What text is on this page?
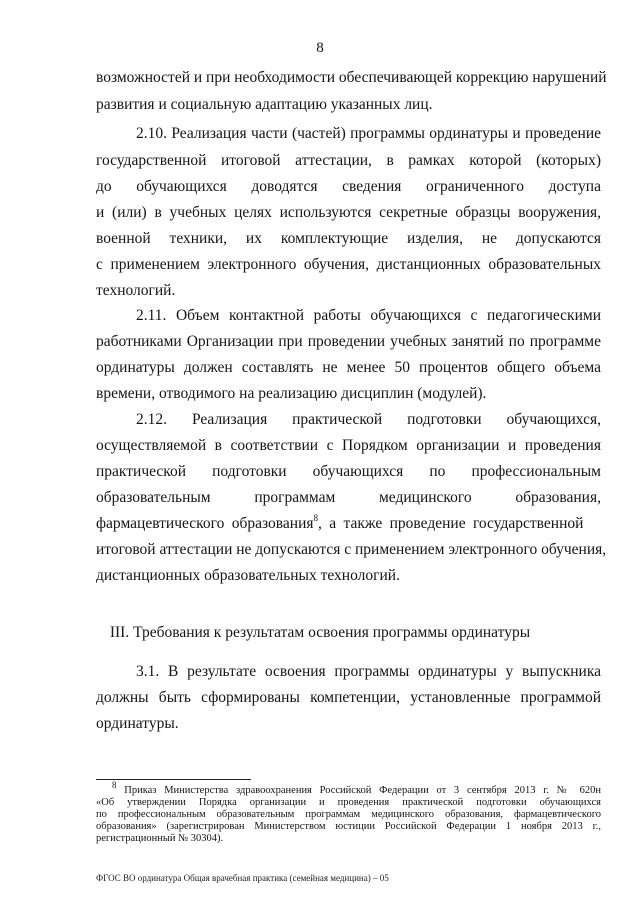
8
возможностей и при необходимости обеспечивающей коррекцию нарушений
развития и социальную адаптацию указанных лиц.
2.10. Реализация части (частей) программы ординатуры и проведение
государственной итоговой аттестации, в рамках которой (которых)
до обучающихся доводятся сведения ограниченного доступа
и (или) в учебных целях используются секретные образцы вооружения,
военной техники, их комплектующие изделия, не допускаются
с применением электронного обучения, дистанционных образовательных
технологий.
2.11. Объем контактной работы обучающихся с педагогическими
работниками Организации при проведении учебных занятий по программе
ординатуры должен составлять не менее 50 процентов общего объема
времени, отводимого на реализацию дисциплин (модулей).
2.12. Реализация практической подготовки обучающихся,
осуществляемой в соответствии с Порядком организации и проведения
практической подготовки обучающихся по профессиональным
образовательным программам медицинского образования,
фармацевтического образования$^8$, а также проведение государственной
итоговой аттестации не допускаются с применением электронного обучения,
дистанционных образовательных технологий.
III. Требования к результатам освоения программы ординатуры
3.1. В результате освоения программы ординатуры у выпускника
должны быть сформированы компетенции, установленные программой
ординатуры.
$^8$ Приказ Министерства здравоохранения Российской Федерации от 3 сентября 2013 г. № 620н
«Об утверждении Порядка организации и проведения практической подготовки обучающихся
по профессиональным образовательным программам медицинского образования, фармацевтического
образования» (зарегистрирован Министерством юстиции Российской Федерации 1 ноября 2013 г.,
регистрационный № 30304).
ФГОС ВО ординатура Общая врачебная практика (семейная медицина) – 05
